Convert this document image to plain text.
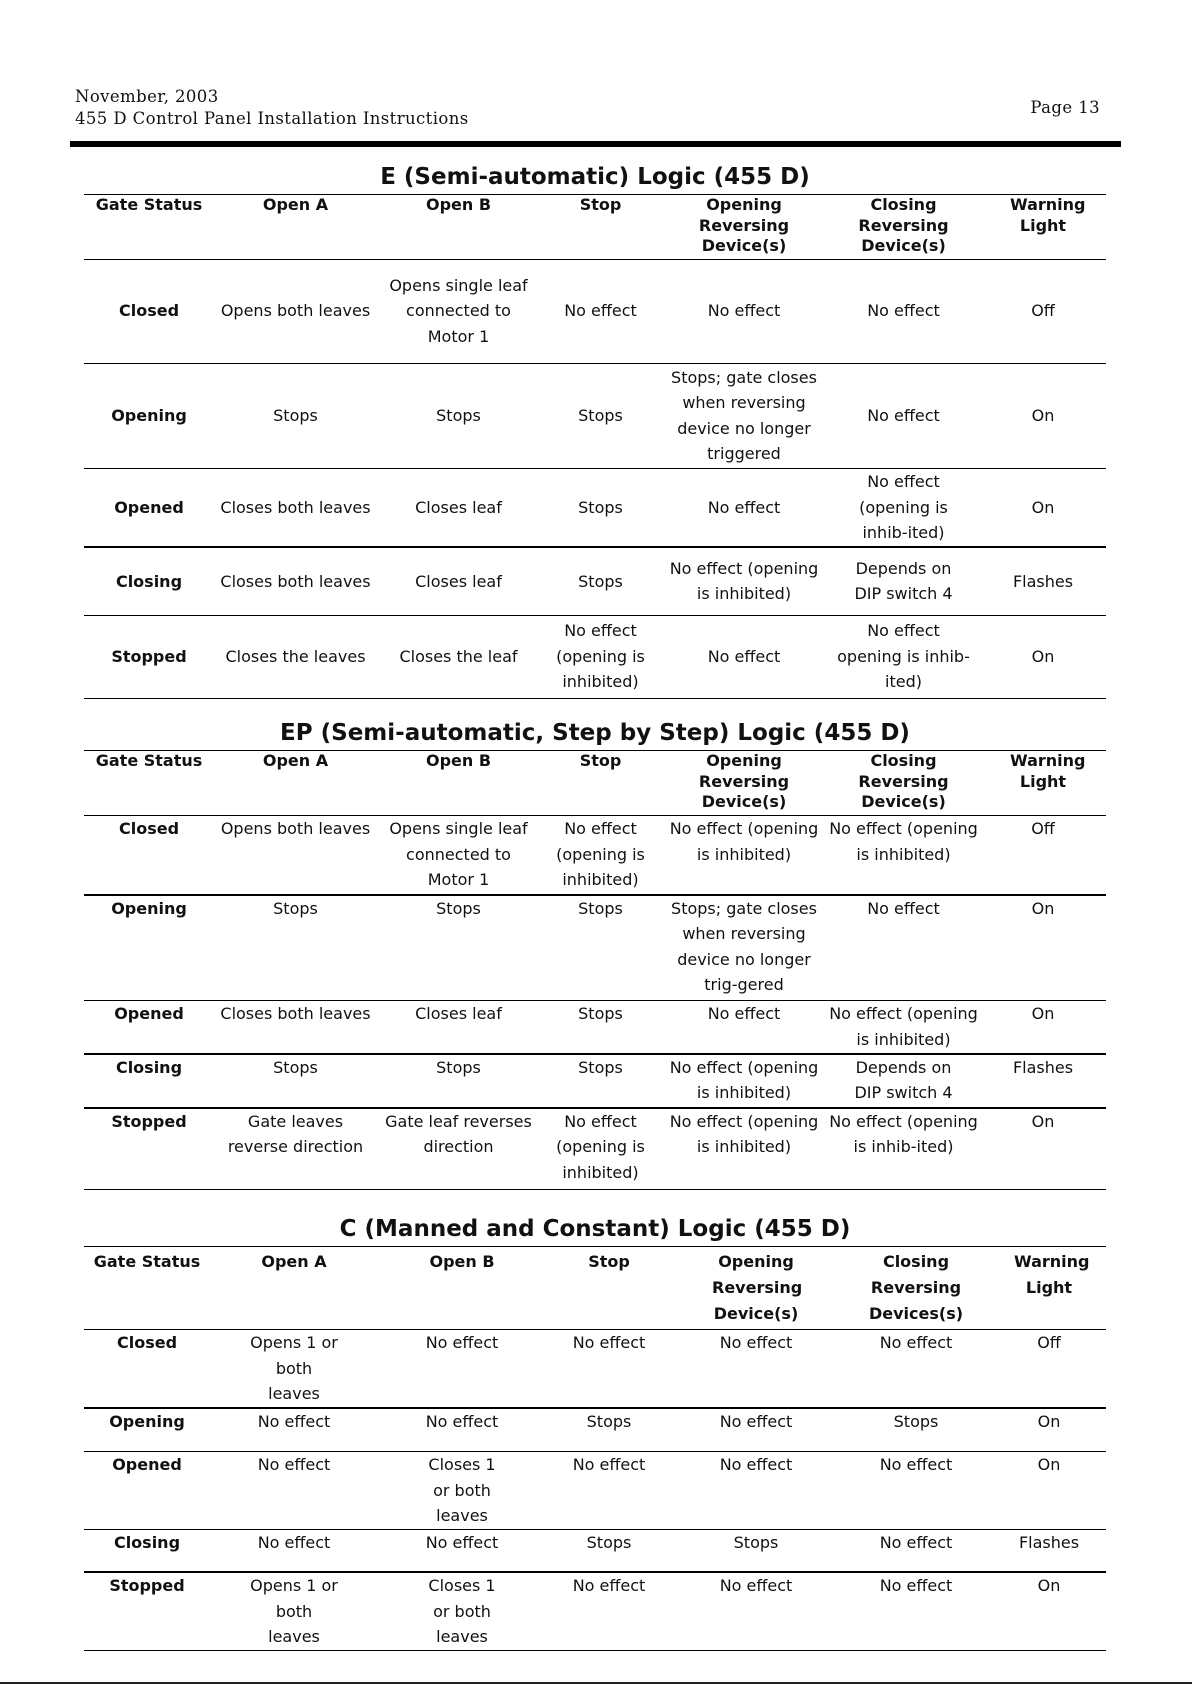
November, 2003
455 D Control Panel Installation Instructions
Page 13
E (Semi-automatic) Logic (455 D)
Gate Status	Open A	Open B	Stop	Opening Reversing Device(s)	Closing Reversing Device(s)	Warning Light
Closed	Opens both leaves	Opens single leaf connected to Motor 1	No effect	No effect	No effect	Off
Opening	Stops	Stops	Stops	Stops; gate closes when reversing device no longer triggered	No effect	On
Opened	Closes both leaves	Closes leaf	Stops	No effect	No effect (opening is inhib-ited)	On
Closing	Closes both leaves	Closes leaf	Stops	No effect (opening is inhibited)	Depends on DIP switch 4	Flashes
Stopped	Closes the leaves	Closes the leaf	No effect (opening is inhibited)	No effect	No effect opening is inhib-ited)	On
EP (Semi-automatic, Step by Step) Logic (455 D)
Gate Status	Open A	Open B	Stop	Opening Reversing Device(s)	Closing Reversing Device(s)	Warning Light
Closed	Opens both leaves	Opens single leaf connected to Motor 1	No effect (opening is inhibited)	No effect (opening is inhibited)	No effect (opening is inhibited)	Off
Opening	Stops	Stops	Stops	Stops; gate closes when reversing device no longer trig-gered	No effect	On
Opened	Closes both leaves	Closes leaf	Stops	No effect	No effect (opening is inhibited)	On
Closing	Stops	Stops	Stops	No effect (opening is inhibited)	Depends on DIP switch 4	Flashes
Stopped	Gate leaves reverse direction	Gate leaf reverses direction	No effect (opening is inhibited)	No effect (opening is inhibited)	No effect (opening is inhib-ited)	On
C (Manned and Constant) Logic (455 D)
Gate Status	Open A	Open B	Stop	Opening Reversing Device(s)	Closing Reversing Devices(s)	Warning Light
Closed	Opens 1 or both leaves	No effect	No effect	No effect	No effect	Off
Opening	No effect	No effect	Stops	No effect	Stops	On
Opened	No effect	Closes 1 or both leaves	No effect	No effect	No effect	On
Closing	No effect	No effect	Stops	Stops	No effect	Flashes
Stopped	Opens 1 or both leaves	Closes 1 or both leaves	No effect	No effect	No effect	On
